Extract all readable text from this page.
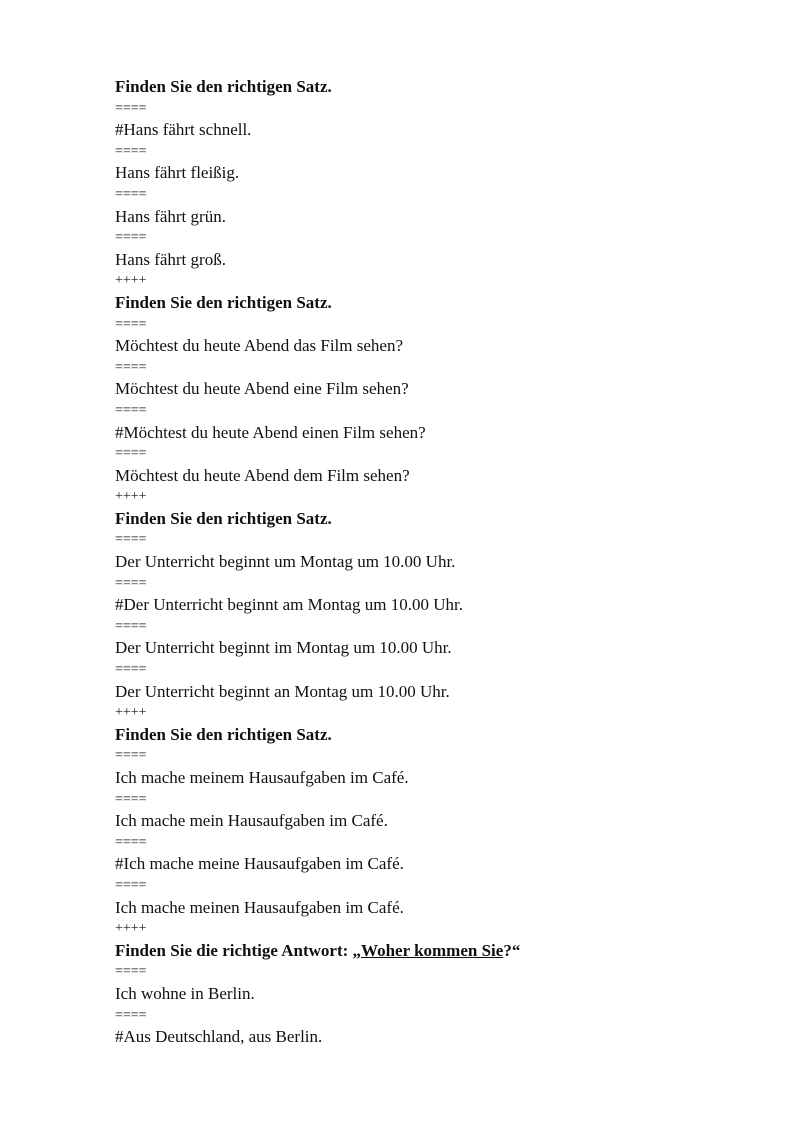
Finden Sie den richtigen Satz.

====

#Hans fährt schnell.

====

Hans fährt fleißig.

====

Hans fährt grün.

====

Hans fährt groß.

++++

Finden Sie den richtigen Satz.

====

Möchtest du heute Abend das Film sehen?

====

Möchtest du heute Abend eine Film sehen?

====

#Möchtest du heute Abend einen Film sehen?

====

Möchtest du heute Abend dem Film sehen?

++++

Finden Sie den richtigen Satz.

====

Der Unterricht beginnt um Montag um 10.00 Uhr.

====

#Der Unterricht beginnt am Montag um 10.00 Uhr.

====

Der Unterricht beginnt im Montag um 10.00 Uhr.

====

Der Unterricht beginnt an Montag um 10.00 Uhr.

++++

Finden Sie den richtigen Satz.

====

Ich mache meinem Hausaufgaben im Café.

====

Ich mache mein Hausaufgaben im Café.

====

#Ich mache meine Hausaufgaben im Café.

====

Ich mache meinen Hausaufgaben im Café.

++++

Finden Sie die richtige Antwort: „Woher kommen Sie?“

====

Ich wohne in Berlin.

====

#Aus Deutschland, aus Berlin.
